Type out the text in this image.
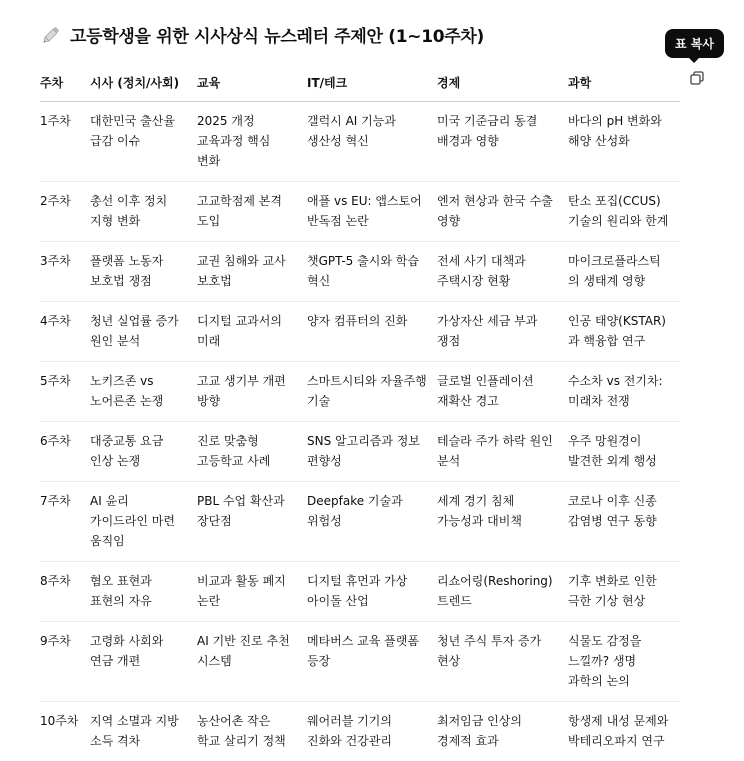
고등학생을 위한 시사상식 뉴스레터 주제안 (1~10주차)	표 복사
주차	시사 (정치/사회)	교육	IT/테크	경제	과학
1주차	대한민국 출산율 급감 이슈	2025 개정 교육과정 핵심 변화	갤럭시 AI 기능과 생산성 혁신	미국 기준금리 동결 배경과 영향	바다의 pH 변화와 해양 산성화
2주차	총선 이후 정치 지형 변화	고교학점제 본격 도입	애플 vs EU: 앱스토어 반독점 논란	엔저 현상과 한국 수출 영향	탄소 포집(CCUS) 기술의 원리와 한계
3주차	플랫폼 노동자 보호법 쟁점	교권 침해와 교사 보호법	챗GPT-5 출시와 학습 혁신	전세 사기 대책과 주택시장 현황	마이크로플라스틱의 생태계 영향
4주차	청년 실업률 증가 원인 분석	디지털 교과서의 미래	양자 컴퓨터의 진화	가상자산 세금 부과 쟁점	인공 태양(KSTAR)과 핵융합 연구
5주차	노키즈존 vs 노어른존 논쟁	고교 생기부 개편 방향	스마트시티와 자율주행 기술	글로벌 인플레이션 재확산 경고	수소차 vs 전기차: 미래차 전쟁
6주차	대중교통 요금 인상 논쟁	진로 맞춤형 고등학교 사례	SNS 알고리즘과 정보 편향성	테슬라 주가 하락 원인 분석	우주 망원경이 발견한 외계 행성
7주차	AI 윤리 가이드라인 마련 움직임	PBL 수업 확산과 장단점	Deepfake 기술과 위험성	세계 경기 침체 가능성과 대비책	코로나 이후 신종 감염병 연구 동향
8주차	혐오 표현과 표현의 자유	비교과 활동 폐지 논란	디지털 휴먼과 가상 아이돌 산업	리쇼어링(Reshoring) 트렌드	기후 변화로 인한 극한 기상 현상
9주차	고령화 사회와 연금 개편	AI 기반 진로 추천 시스템	메타버스 교육 플랫폼 등장	청년 주식 투자 증가 현상	식물도 감정을 느낄까? 생명 과학의 논의
10주차	지역 소멸과 지방 소득 격차	농산어촌 작은 학교 살리기 정책	웨어러블 기기의 진화와 건강관리	최저임금 인상의 경제적 효과	항생제 내성 문제와 박테리오파지 연구
